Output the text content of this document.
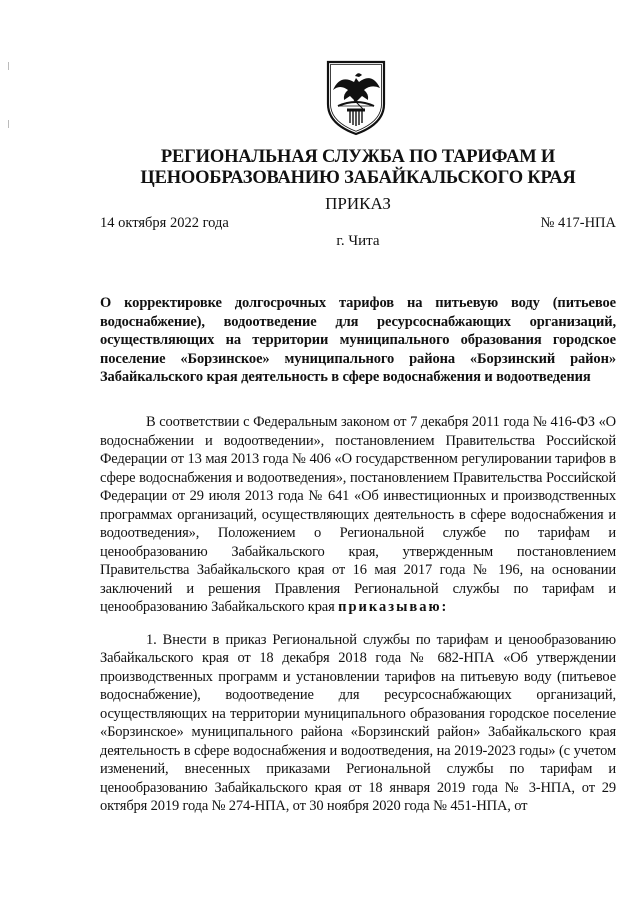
РЕГИОНАЛЬНАЯ СЛУЖБА ПО ТАРИФАМ И
ЦЕНООБРАЗОВАНИЮ ЗАБАЙКАЛЬСКОГО КРАЯ
ПРИКАЗ
14 октября 2022 года	№ 417-НПА
г. Чита
О корректировке долгосрочных тарифов на питьевую воду (питьевое водоснабжение), водоотведение для ресурсоснабжающих организаций, осуществляющих на территории муниципального образования городское поселение «Борзинское» муниципального района «Борзинский район» Забайкальского края деятельность в сфере водоснабжения и водоотведения

В соответствии с Федеральным законом от 7 декабря 2011 года № 416-ФЗ «О водоснабжении и водоотведении», постановлением Правительства Российской Федерации от 13 мая 2013 года № 406 «О государственном регулировании тарифов в сфере водоснабжения и водоотведения», постановлением Правительства Российской Федерации от 29 июля 2013 года № 641 «Об инвестиционных и производственных программах организаций, осуществляющих деятельность в сфере водоснабжения и водоотведения», Положением о Региональной службе по тарифам и ценообразованию Забайкальского края, утвержденным постановлением Правительства Забайкальского края от 16 мая 2017 года № 196, на основании заключений и решения Правления Региональной службы по тарифам и ценообразованию Забайкальского края приказываю:

1. Внести в приказ Региональной службы по тарифам и ценообразованию Забайкальского края от 18 декабря 2018 года № 682-НПА «Об утверждении производственных программ и установлении тарифов на питьевую воду (питьевое водоснабжение), водоотведение для ресурсоснабжающих организаций, осуществляющих на территории муниципального образования городское поселение «Борзинское» муниципального района «Борзинский район» Забайкальского края деятельность в сфере водоснабжения и водоотведения, на 2019-2023 годы» (с учетом изменений, внесенных приказами Региональной службы по тарифам и ценообразованию Забайкальского края от 18 января 2019 года № 3-НПА, от 29 октября 2019 года № 274-НПА, от 30 ноября 2020 года № 451-НПА, от
